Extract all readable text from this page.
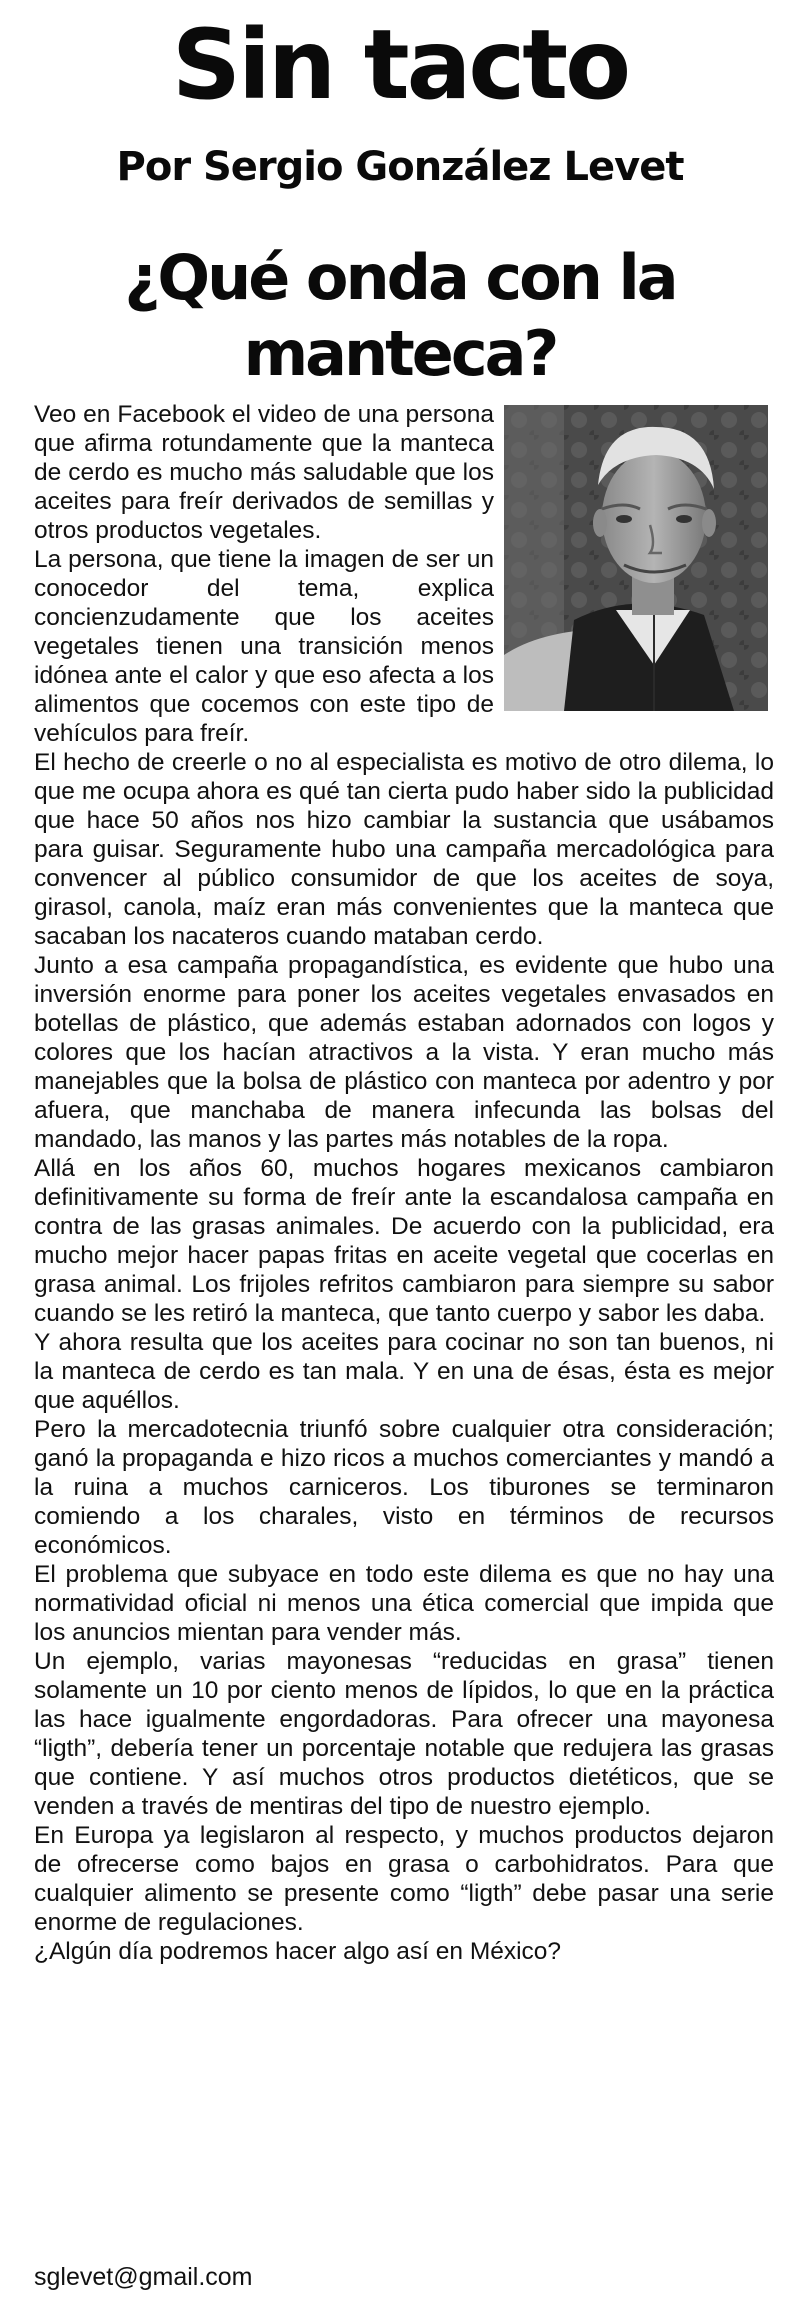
Sin tacto
Por Sergio González Levet
¿Qué onda con la manteca?

Veo en Facebook el video de una persona que afirma rotundamente que la manteca de cerdo es mucho más saludable que los aceites para freír derivados de semillas y otros productos vegetales.

La persona, que tiene la imagen de ser un conocedor del tema, explica concienzudamente que los aceites vegetales tienen una transición menos idónea ante el calor y que eso afecta a los alimentos que cocemos con este tipo de vehículos para freír.

El hecho de creerle o no al especialista es motivo de otro dilema, lo que me ocupa ahora es qué tan cierta pudo haber sido la publicidad que hace 50 años nos hizo cambiar la sustancia que usábamos para guisar. Seguramente hubo una campaña mercadológica para convencer al público consumidor de que los aceites de soya, girasol, canola, maíz eran más convenientes que la manteca que sacaban los nacateros cuando mataban cerdo.

Junto a esa campaña propagandística, es evidente que hubo una inversión enorme para poner los aceites vegetales envasados en botellas de plástico, que además estaban adornados con logos y colores que los hacían atractivos a la vista. Y eran mucho más manejables que la bolsa de plástico con manteca por adentro y por afuera, que manchaba de manera infecunda las bolsas del mandado, las manos y las partes más notables de la ropa.

Allá en los años 60, muchos hogares mexicanos cambiaron definitivamente su forma de freír ante la escandalosa campaña en contra de las grasas animales. De acuerdo con la publicidad, era mucho mejor hacer papas fritas en aceite vegetal que cocerlas en grasa animal. Los frijoles refritos cambiaron para siempre su sabor cuando se les retiró la manteca, que tanto cuerpo y sabor les daba.

Y ahora resulta que los aceites para cocinar no son tan buenos, ni la manteca de cerdo es tan mala. Y en una de ésas, ésta es mejor que aquéllos.

Pero la mercadotecnia triunfó sobre cualquier otra consideración; ganó la propaganda e hizo ricos a muchos comerciantes y mandó a la ruina a muchos carniceros. Los tiburones se terminaron comiendo a los charales, visto en términos de recursos económicos.

El problema que subyace en todo este dilema es que no hay una normatividad oficial ni menos una ética comercial que impida que los anuncios mientan para vender más.

Un ejemplo, varias mayonesas “reducidas en grasa” tienen solamente un 10 por ciento menos de lípidos, lo que en la práctica las hace igualmente engordadoras. Para ofrecer una mayonesa “ligth”, debería tener un porcentaje notable que redujera las grasas que contiene. Y así muchos otros productos dietéticos, que se venden a través de mentiras del tipo de nuestro ejemplo.

En Europa ya legislaron al respecto, y muchos productos dejaron de ofrecerse como bajos en grasa o carbohidratos. Para que cualquier alimento se presente como “ligth” debe pasar una serie enorme de regulaciones.

¿Algún día podremos hacer algo así en México?

sglevet@gmail.com
